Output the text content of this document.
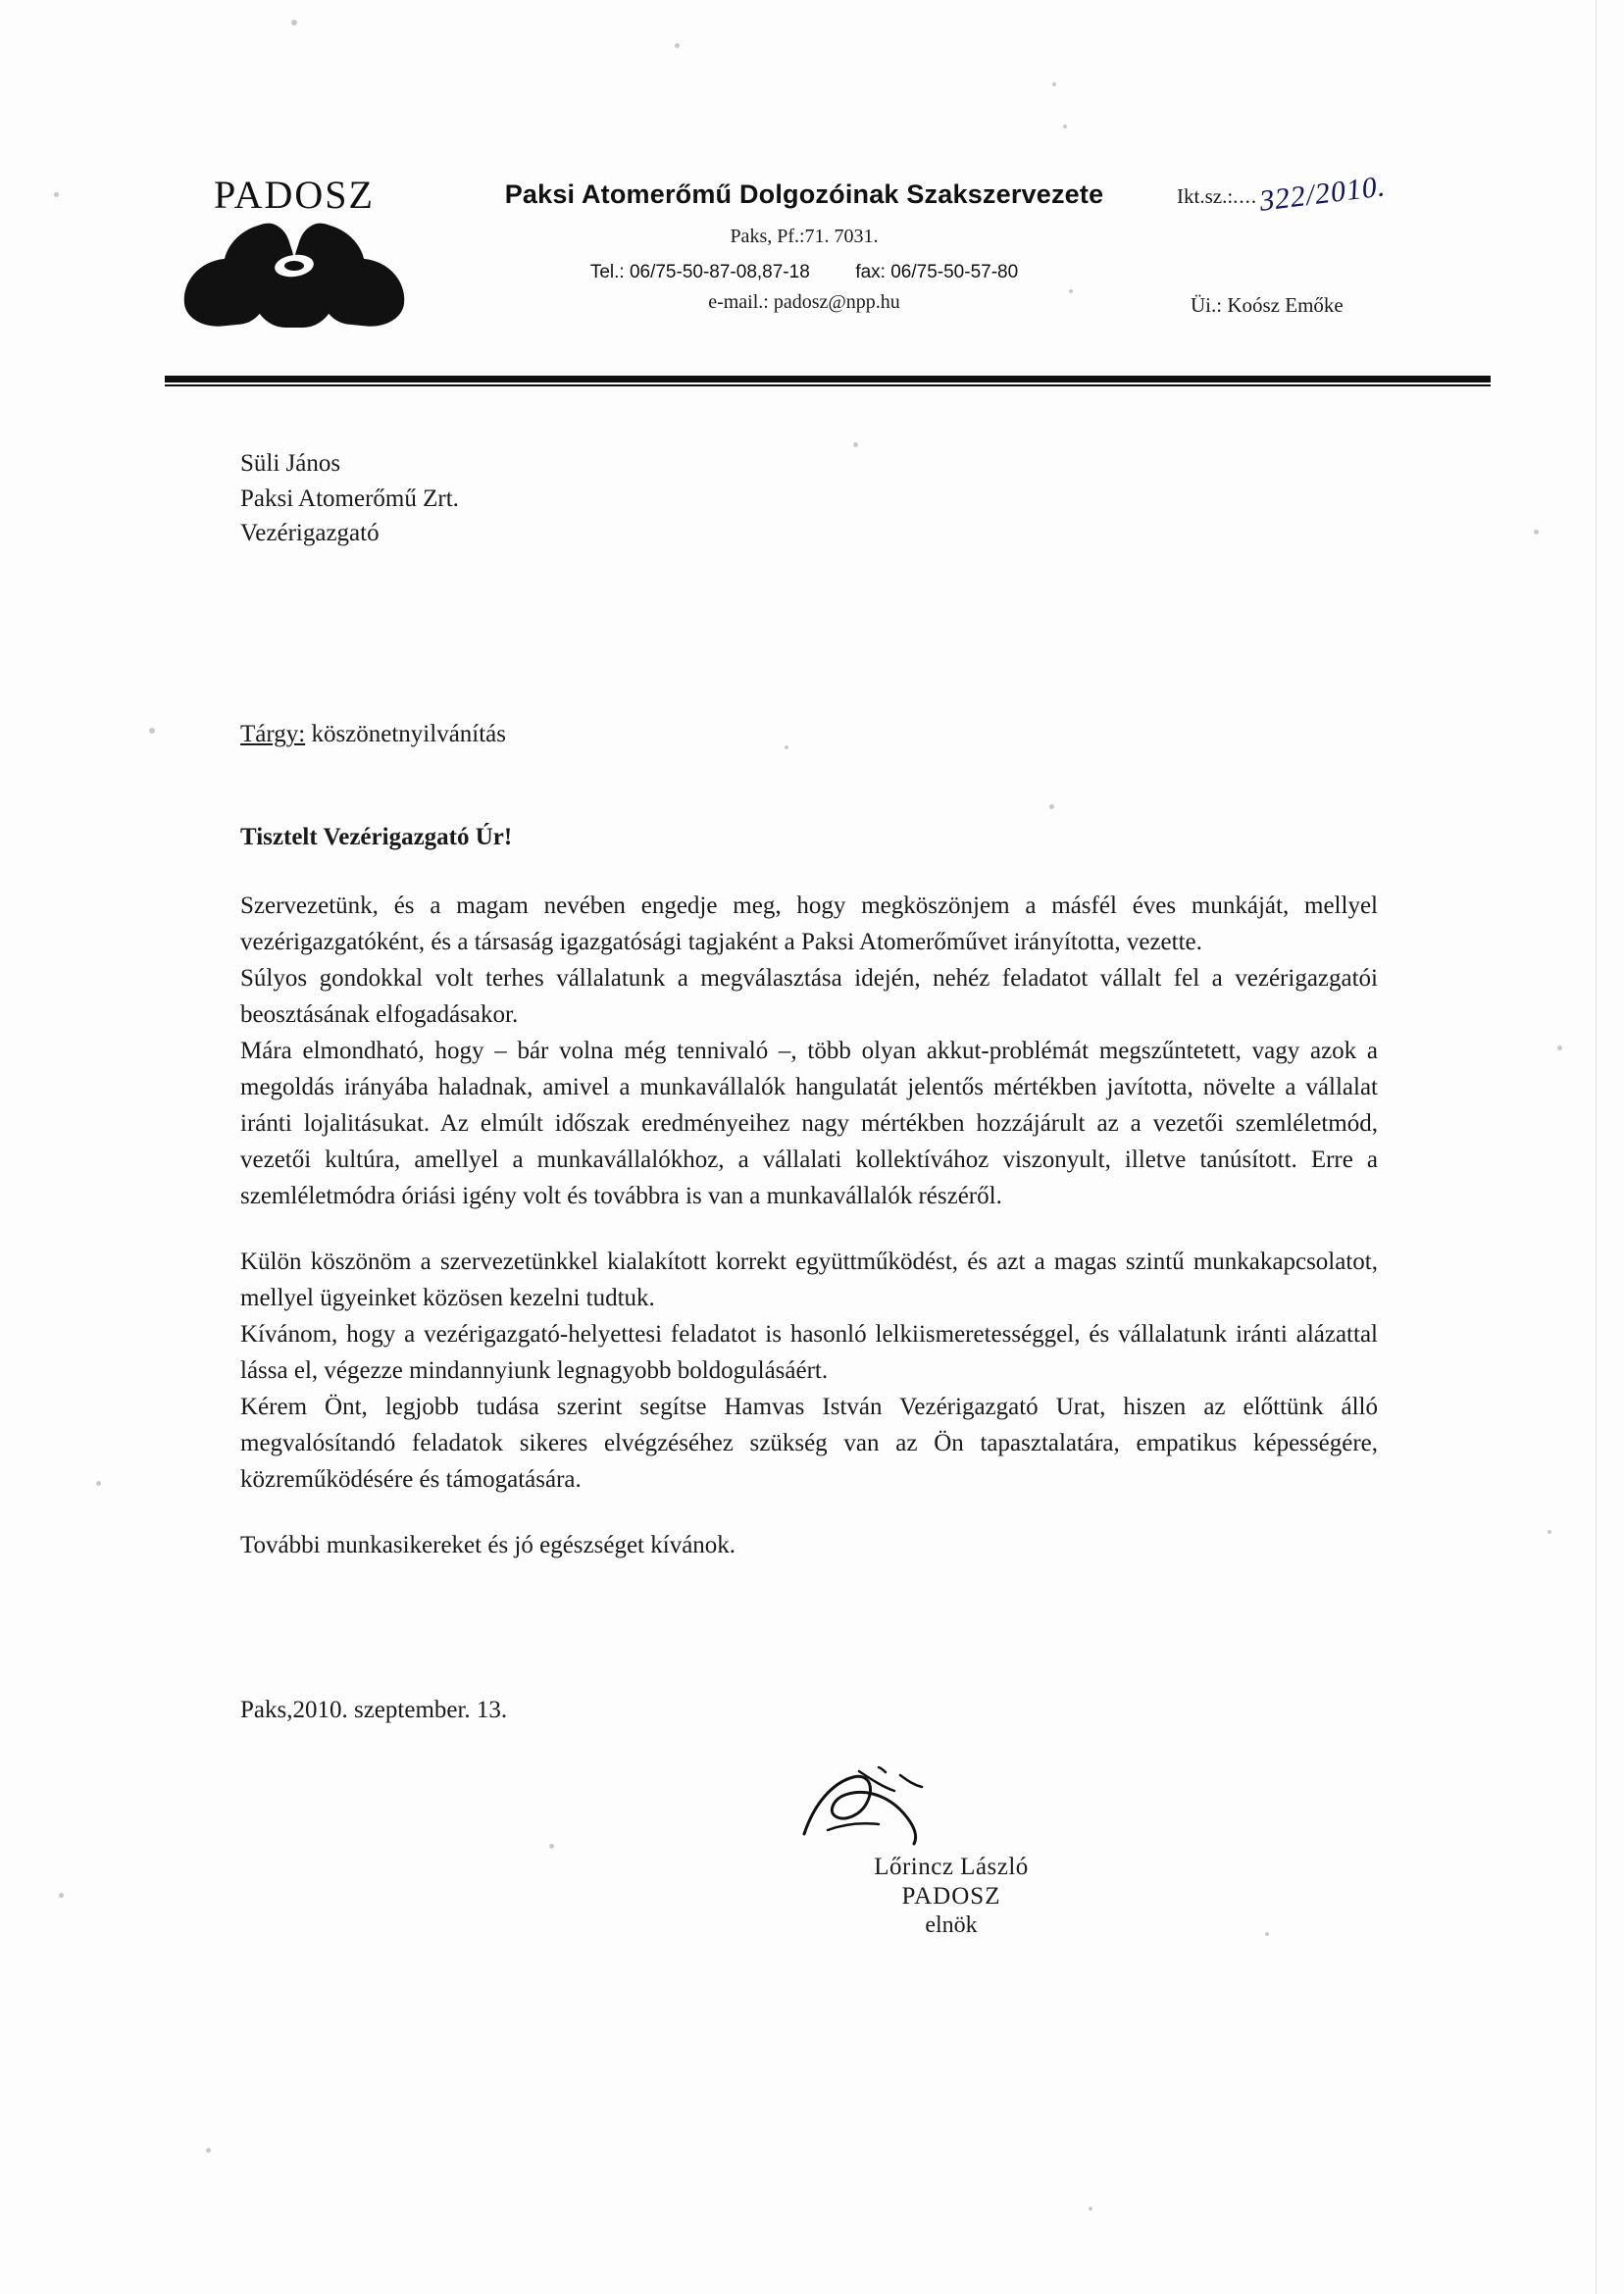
PADOSZ	Paksi Atomerőmű Dolgozóinak Szakszervezete
Paks, Pf.:71. 7031.
Tel.: 06/75-50-87-08,87-18 fax: 06/75-50-57-80
e-mail.: padosz@npp.hu
Ikt.sz.:....322/2010.
Üi.: Koósz Emőke
Süli János
Paksi Atomerőmű Zrt.
Vezérigazgató
Tárgy: köszönetnyilvánítás
Tisztelt Vezérigazgató Úr!

Szervezetünk, és a magam nevében engedje meg, hogy megköszönjem a másfél éves munkáját, mellyel vezérigazgatóként, és a társaság igazgatósági tagjaként a Paksi Atomerőművet irányította, vezette.

Súlyos gondokkal volt terhes vállalatunk a megválasztása idején, nehéz feladatot vállalt fel a vezérigazgatói beosztásának elfogadásakor.

Mára elmondható, hogy – bár volna még tennivaló –, több olyan akkut-problémát megszűntetett, vagy azok a megoldás irányába haladnak, amivel a munkavállalók hangulatát jelentős mértékben javította, növelte a vállalat iránti lojalitásukat. Az elmúlt időszak eredményeihez nagy mértékben hozzájárult az a vezetői szemléletmód, vezetői kultúra, amellyel a munkavállalókhoz, a vállalati kollektívához viszonyult, illetve tanúsított. Erre a szemléletmódra óriási igény volt és továbbra is van a munkavállalók részéről.

Külön köszönöm a szervezetünkkel kialakított korrekt együttműködést, és azt a magas szintű munkakapcsolatot, mellyel ügyeinket közösen kezelni tudtuk.

Kívánom, hogy a vezérigazgató-helyettesi feladatot is hasonló lelkiismeretességgel, és vállalatunk iránti alázattal lássa el, végezze mindannyiunk legnagyobb boldogulásáért.

Kérem Önt, legjobb tudása szerint segítse Hamvas István Vezérigazgató Urat, hiszen az előttünk álló megvalósítandó feladatok sikeres elvégzéséhez szükség van az Ön tapasztalatára, empatikus képességére, közreműködésére és támogatására.

További munkasikereket és jó egészséget kívánok.

Paks,2010. szeptember. 13.
Lőrincz László
PADOSZ
elnök
